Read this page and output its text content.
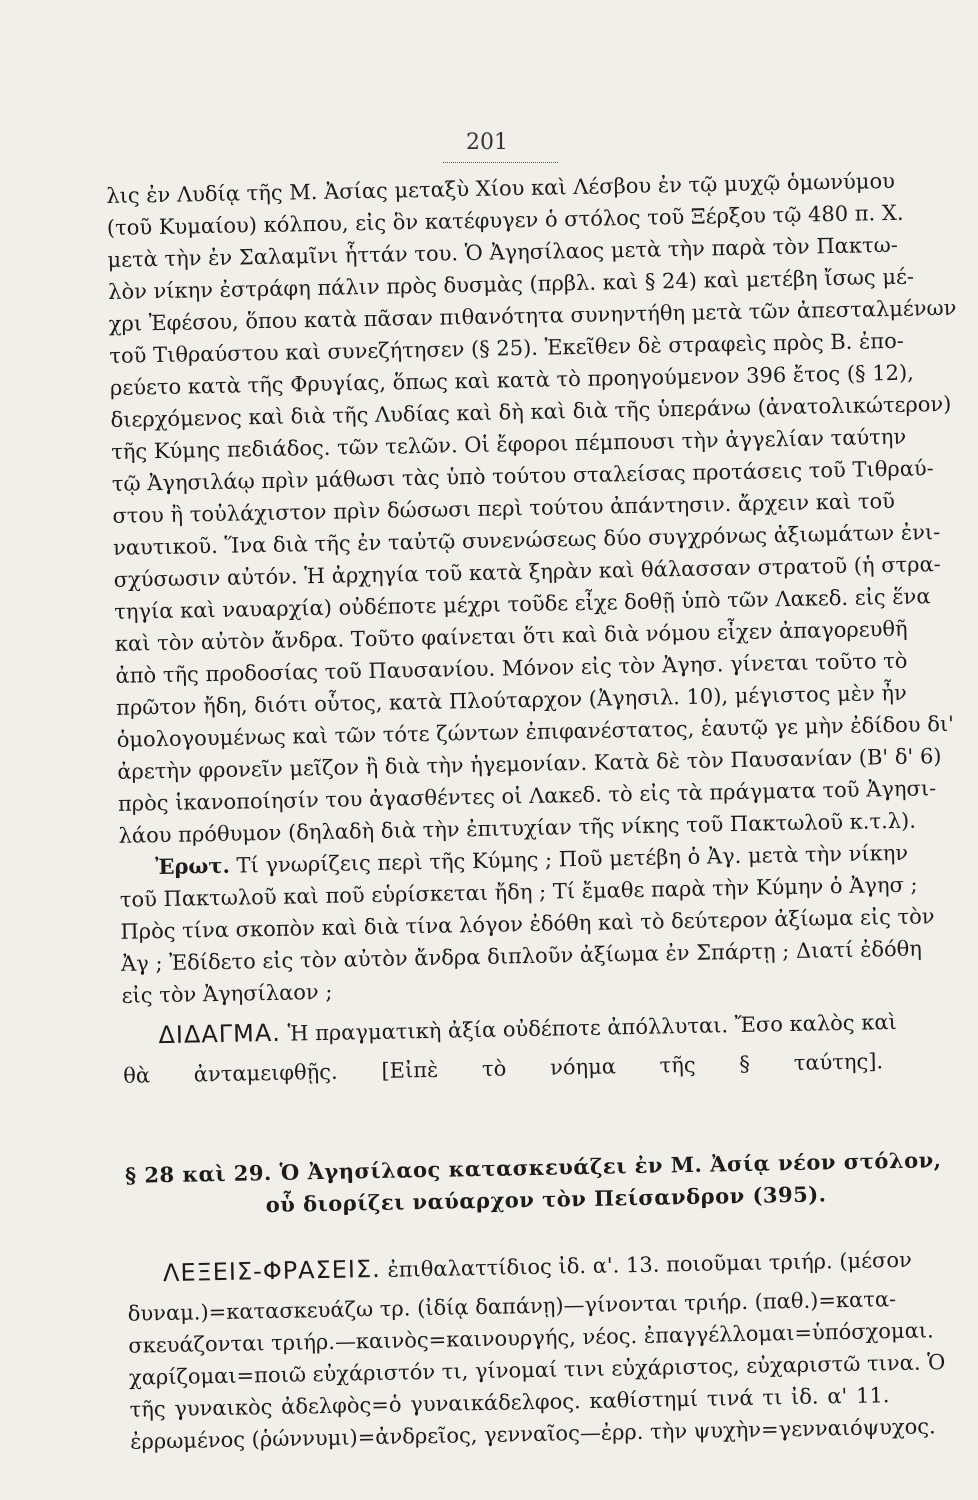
201
λις ἐν Λυδίᾳ τῆς Μ. Ἀσίας μεταξὺ Χίου καὶ Λέσβου ἐν τῷ μυχῷ ὁμωνύμου
(τοῦ Κυμαίου) κόλπου, εἰς ὃν κατέφυγεν ὁ στόλος τοῦ Ξέρξου τῷ 480 π. Χ.
μετὰ τὴν ἐν Σαλαμῖνι ἧττάν του. Ὁ Ἀγησίλαος μετὰ τὴν παρὰ τὸν Πακτω-
λὸν νίκην ἐστράφη πάλιν πρὸς δυσμὰς (πρβλ. καὶ § 24) καὶ μετέβη ἴσως μέ-
χρι Ἐφέσου, ὅπου κατὰ πᾶσαν πιθανότητα συνηντήθη μετὰ τῶν ἀπεσταλμένων
τοῦ Τιθραύστου καὶ συνεζήτησεν (§ 25). Ἐκεῖθεν δὲ στραφεὶς πρὸς Β. ἐπο-
ρεύετο κατὰ τῆς Φρυγίας, ὅπως καὶ κατὰ τὸ προηγούμενον 396 ἔτος (§ 12),
διερχόμενος καὶ διὰ τῆς Λυδίας καὶ δὴ καὶ διὰ τῆς ὑπεράνω (ἀνατολικώτερον)
τῆς Κύμης πεδιάδος. τῶν τελῶν. Οἱ ἔφοροι πέμπουσι τὴν ἀγγελίαν ταύτην
τῷ Ἀγησιλάῳ πρὶν μάθωσι τὰς ὑπὸ τούτου σταλείσας προτάσεις τοῦ Τιθραύ-
στου ἢ τοὐλάχιστον πρὶν δώσωσι περὶ τούτου ἀπάντησιν. ἄρχειν καὶ τοῦ
ναυτικοῦ. Ἵνα διὰ τῆς ἐν ταὐτῷ συνενώσεως δύο συγχρόνως ἀξιωμάτων ἐνι-
σχύσωσιν αὐτόν. Ἡ ἀρχηγία τοῦ κατὰ ξηρὰν καὶ θάλασσαν στρατοῦ (ἡ στρα-
τηγία καὶ ναυαρχία) οὐδέποτε μέχρι τοῦδε εἶχε δοθῇ ὑπὸ τῶν Λακεδ. εἰς ἕνα
καὶ τὸν αὐτὸν ἄνδρα. Τοῦτο φαίνεται ὅτι καὶ διὰ νόμου εἶχεν ἀπαγορευθῆ
ἀπὸ τῆς προδοσίας τοῦ Παυσανίου. Μόνον εἰς τὸν Ἀγησ. γίνεται τοῦτο τὸ
πρῶτον ἤδη, διότι οὗτος, κατὰ Πλούταρχον (Ἀγησιλ. 10), μέγιστος μὲν ἦν
ὁμολογουμένως καὶ τῶν τότε ζώντων ἐπιφανέστατος, ἑαυτῷ γε μὴν ἐδίδου δι'
ἀρετὴν φρονεῖν μεῖζον ἢ διὰ τὴν ἡγεμονίαν. Κατὰ δὲ τὸν Παυσανίαν (Β' δ' 6)
πρὸς ἱκανοποίησίν του ἀγασθέντες οἱ Λακεδ. τὸ εἰς τὰ πράγματα τοῦ Ἀγησι-
λάου πρόθυμον (δηλαδὴ διὰ τὴν ἐπιτυχίαν τῆς νίκης τοῦ Πακτωλοῦ κ.τ.λ).
Ἐρωτ. Τί γνωρίζεις περὶ τῆς Κύμης ; Ποῦ μετέβη ὁ Ἀγ. μετὰ τὴν νίκην
τοῦ Πακτωλοῦ καὶ ποῦ εὑρίσκεται ἤδη ; Τί ἔμαθε παρὰ τὴν Κύμην ὁ Ἀγησ ;
Πρὸς τίνα σκοπὸν καὶ διὰ τίνα λόγον ἐδόθη καὶ τὸ δεύτερον ἀξίωμα εἰς τὸν
Ἀγ ; Ἐδίδετο εἰς τὸν αὐτὸν ἄνδρα διπλοῦν ἀξίωμα ἐν Σπάρτῃ ; Διατί ἐδόθη
εἰς τὸν Ἀγησίλαον ;
ΔΙΔΑΓΜΑ. Ἡ πραγματικὴ ἀξία οὐδέποτε ἀπόλλυται. Ἔσο καλὸς καὶ
θὰ ἀνταμειφθῇς. [Εἰπὲ τὸ νόημα τῆς § ταύτης].
§ 28 καὶ 29. Ὁ Ἀγησίλαος κατασκευάζει ἐν Μ. Ἀσίᾳ νέον στόλον,
οὗ διορίζει ναύαρχον τὸν Πείσανδρον (395).
ΛΕΞΕΙΣ-ΦΡΑΣΕΙΣ. ἐπιθαλαττίδιος ἰδ. α'. 13. ποιοῦμαι τριήρ. (μέσον
δυναμ.)=κατασκευάζω τρ. (ἰδίᾳ δαπάνῃ)—γίνονται τριήρ. (παθ.)=κατα-
σκευάζονται τριήρ.—καινὸς=καινουργής, νέος. ἐπαγγέλλομαι=ὑπόσχομαι.
χαρίζομαι=ποιῶ εὐχάριστόν τι, γίνομαί τινι εὐχάριστος, εὐχαριστῶ τινα. Ὁ
τῆς γυναικὸς ἀδελφὸς=ὁ γυναικάδελφος. καθίστημί τινά τι ἰδ. α' 11.
ἐρρωμένος (ῥώννυμι)=ἀνδρεῖος, γενναῖος—ἐρρ. τὴν ψυχὴν=γενναιόψυχος.
